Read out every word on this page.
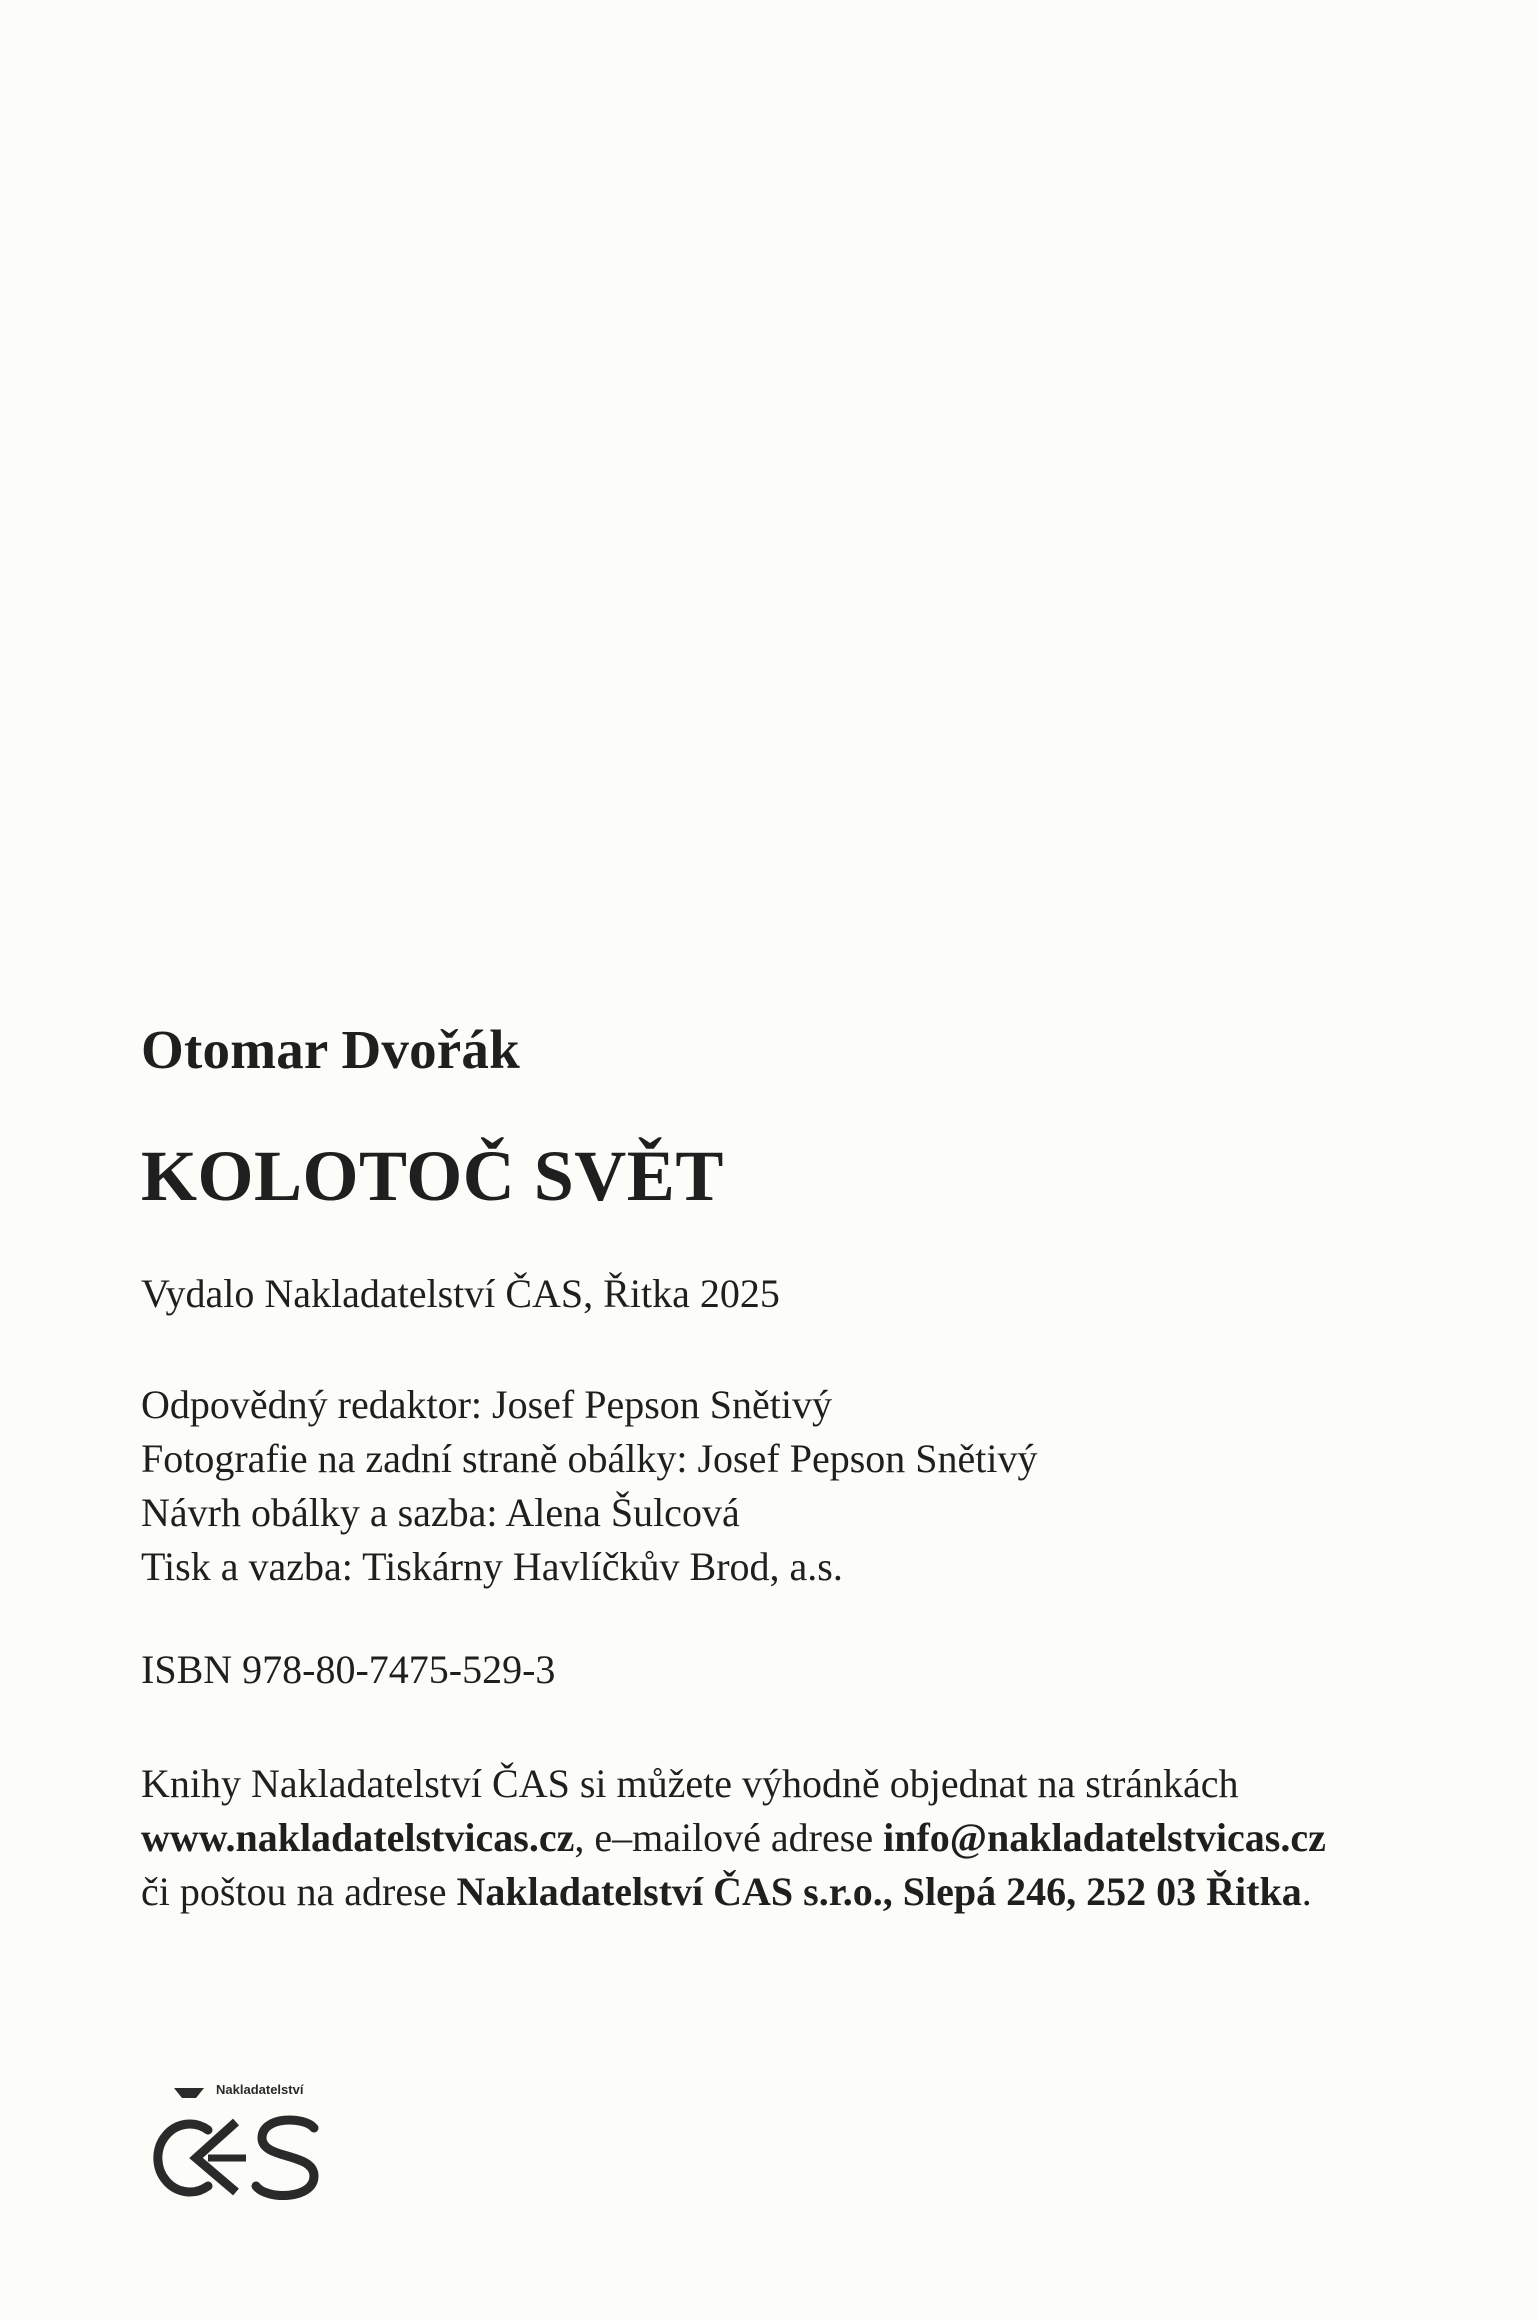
Otomar Dvořák
KOLOTOČ SVĚT
Vydalo Nakladatelství ČAS, Řitka 2025
Odpovědný redaktor: Josef Pepson Snětivý
Fotografie na zadní straně obálky: Josef Pepson Snětivý
Návrh obálky a sazba: Alena Šulcová
Tisk a vazba: Tiskárny Havlíčkův Brod, a.s.
ISBN 978-80-7475-529-3
Knihy Nakladatelství ČAS si můžete výhodně objednat na stránkách
www.nakladatelstvicas.cz, e–mailové adrese info@nakladatelstvicas.cz
či poštou na adrese Nakladatelství ČAS s.r.o., Slepá 246, 252 03 Řitka.
Nakladatelství
